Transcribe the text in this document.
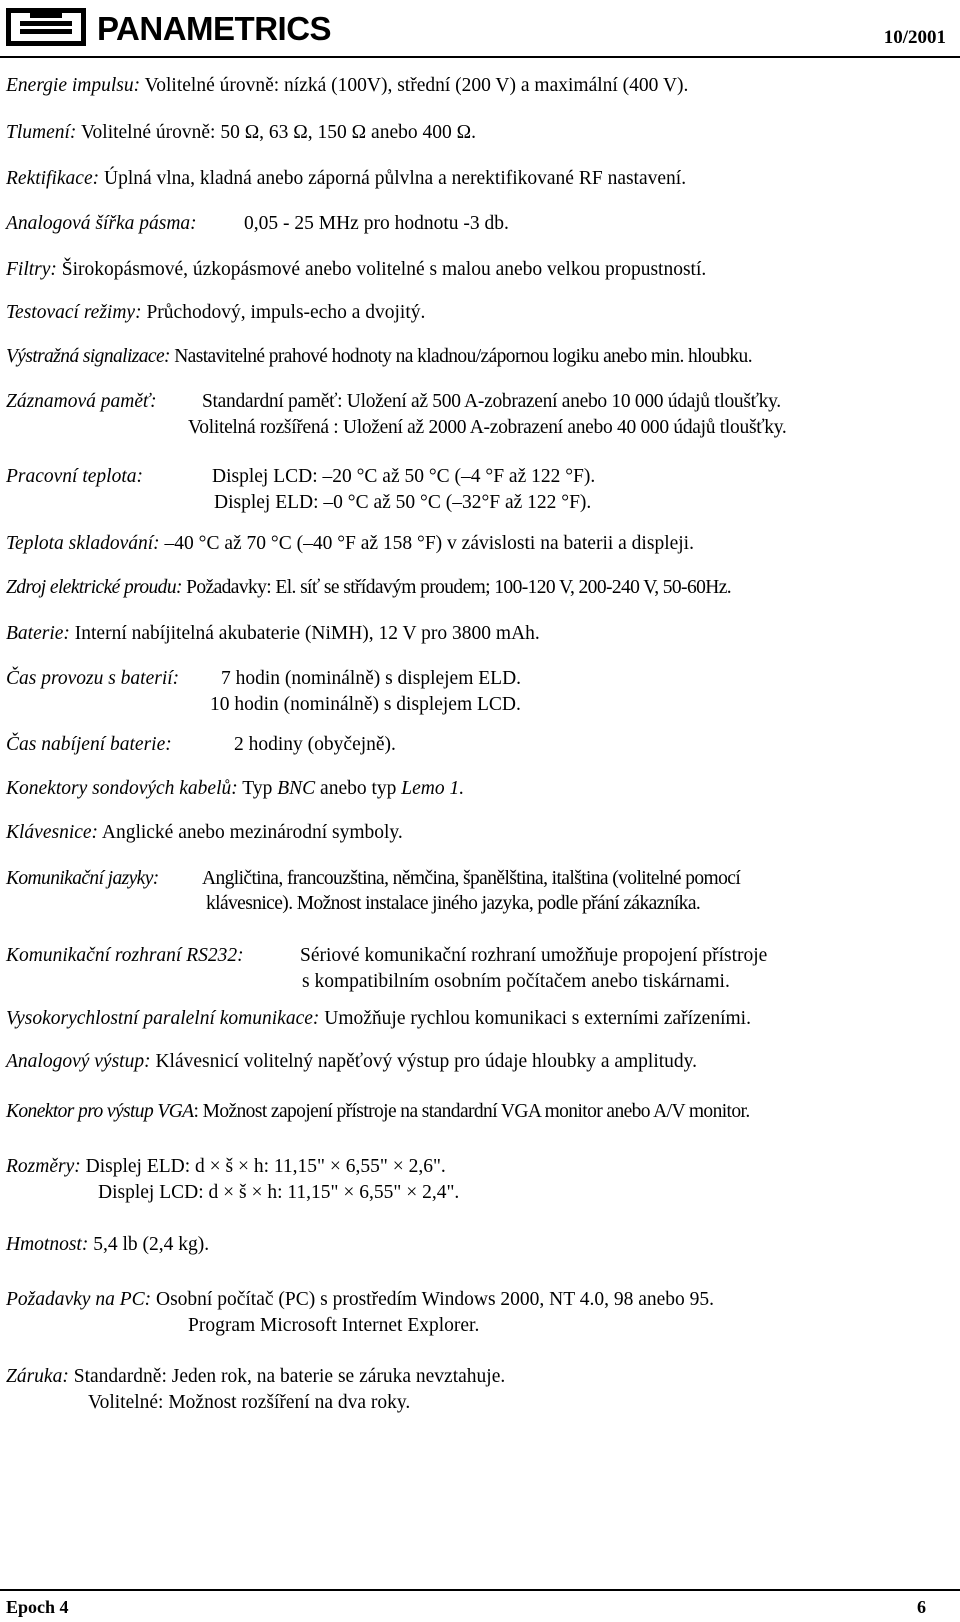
PANAMETRICS	10/2001
Energie impulsu: Volitelné úrovně: nízká (100V), střední (200 V) a maximální (400 V).
Tlumení: Volitelné úrovně: 50 Ω, 63 Ω, 150 Ω anebo 400 Ω.
Rektifikace: Úplná vlna, kladná anebo záporná půlvlna a nerektifikované RF nastavení.
Analogová šířka pásma: 0,05 - 25 MHz pro hodnotu -3 db.
Filtry: Širokopásmové, úzkopásmové anebo volitelné s malou anebo velkou propustností.
Testovací režimy: Průchodový, impuls-echo a dvojitý.
Výstražná signalizace: Nastavitelné prahové hodnoty na kladnou/zápornou logiku anebo min. hloubku.
Záznamová paměť: Standardní paměť: Uložení až 500 A-zobrazení anebo 10 000 údajů tloušťky.
Volitelná rozšířená : Uložení až 2000 A-zobrazení anebo 40 000 údajů tloušťky.
Pracovní teplota:	Displej LCD: –20 °C až 50 °C (–4 °F až 122 °F).
Displej ELD: –0 °C až 50 °C (–32°F až 122 °F).
Teplota skladování: –40 °C až 70 °C (–40 °F až 158 °F) v závislosti na baterii a displeji.
Zdroj elektrické proudu: Požadavky: El. síť se střídavým proudem; 100-120 V, 200-240 V, 50-60Hz.
Baterie: Interní nabíjitelná akubaterie (NiMH), 12 V pro 3800 mAh.
Čas provozu s baterií: 7 hodin (nominálně) s displejem ELD.
10 hodin (nominálně) s displejem LCD.
Čas nabíjení baterie:	2 hodiny (obyčejně).
Konektory sondových kabelů: Typ BNC anebo typ Lemo 1.
Klávesnice: Anglické anebo mezinárodní symboly.
Komunikační jazyky: Angličtina, francouzština, němčina, španělština, italština (volitelné pomocí
klávesnice). Možnost instalace jiného jazyka, podle přání zákazníka.
Komunikační rozhraní RS232:	Sériové komunikační rozhraní umožňuje propojení přístroje
s kompatibilním osobním počítačem anebo tiskárnami.
Vysokorychlostní paralelní komunikace: Umožňuje rychlou komunikaci s externími zařízeními.
Analogový výstup: Klávesnicí volitelný napěťový výstup pro údaje hloubky a amplitudy.
Konektor pro výstup VGA: Možnost zapojení přístroje na standardní VGA monitor anebo A/V monitor.
Rozměry: Displej ELD: d × š × h: 11,15" × 6,55" × 2,6".
Displej LCD: d × š × h: 11,15" × 6,55" × 2,4".
Hmotnost: 5,4 lb (2,4 kg).
Požadavky na PC: Osobní počítač (PC) s prostředím Windows 2000, NT 4.0, 98 anebo 95.
Program Microsoft Internet Explorer.
Záruka: Standardně: Jeden rok, na baterie se záruka nevztahuje.
Volitelné: Možnost rozšíření na dva roky.
Epoch 4	6
